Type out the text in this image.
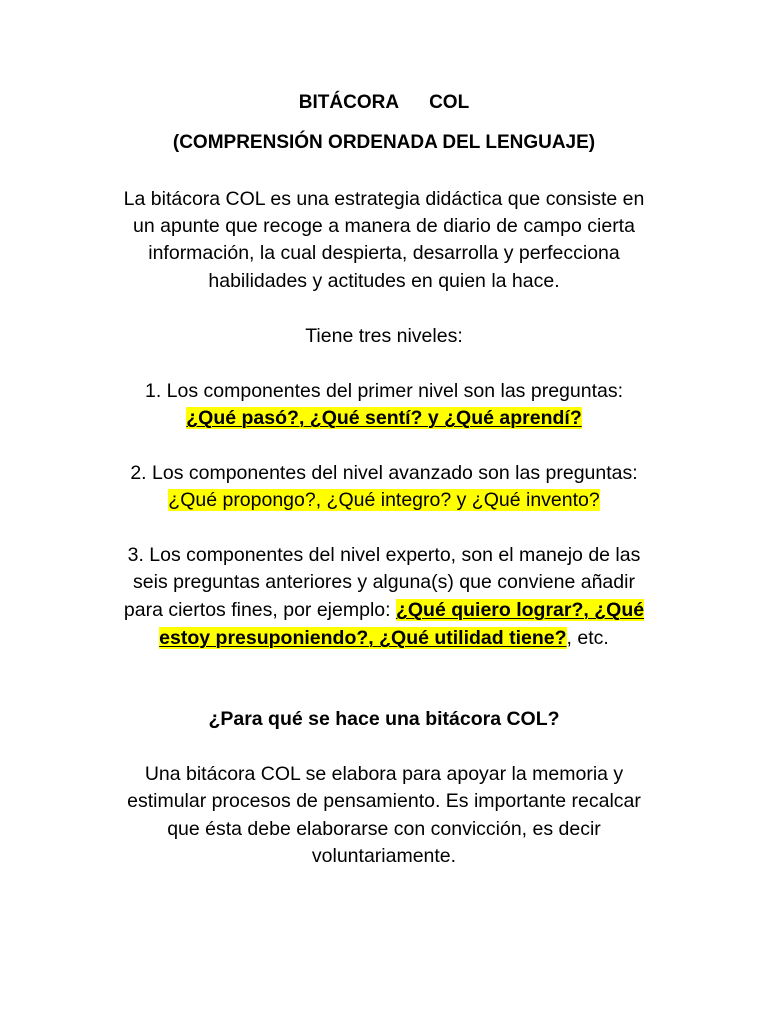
BITÁCORA COL
(COMPRENSIÓN ORDENADA DEL LENGUAJE)
La bitácora COL es una estrategia didáctica que consiste en
un apunte que recoge a manera de diario de campo cierta
información, la cual despierta, desarrolla y perfecciona
habilidades y actitudes en quien la hace.
Tiene tres niveles:
1. Los componentes del primer nivel son las preguntas:
¿Qué pasó?, ¿Qué sentí? y ¿Qué aprendí?
2. Los componentes del nivel avanzado son las preguntas:
¿Qué propongo?, ¿Qué integro? y ¿Qué invento?
3. Los componentes del nivel experto, son el manejo de las
seis preguntas anteriores y alguna(s) que conviene añadir
para ciertos fines, por ejemplo: ¿Qué quiero lograr?, ¿Qué
estoy presuponiendo?, ¿Qué utilidad tiene?, etc.
¿Para qué se hace una bitácora COL?
Una bitácora COL se elabora para apoyar la memoria y
estimular procesos de pensamiento. Es importante recalcar
que ésta debe elaborarse con convicción, es decir
voluntariamente.
